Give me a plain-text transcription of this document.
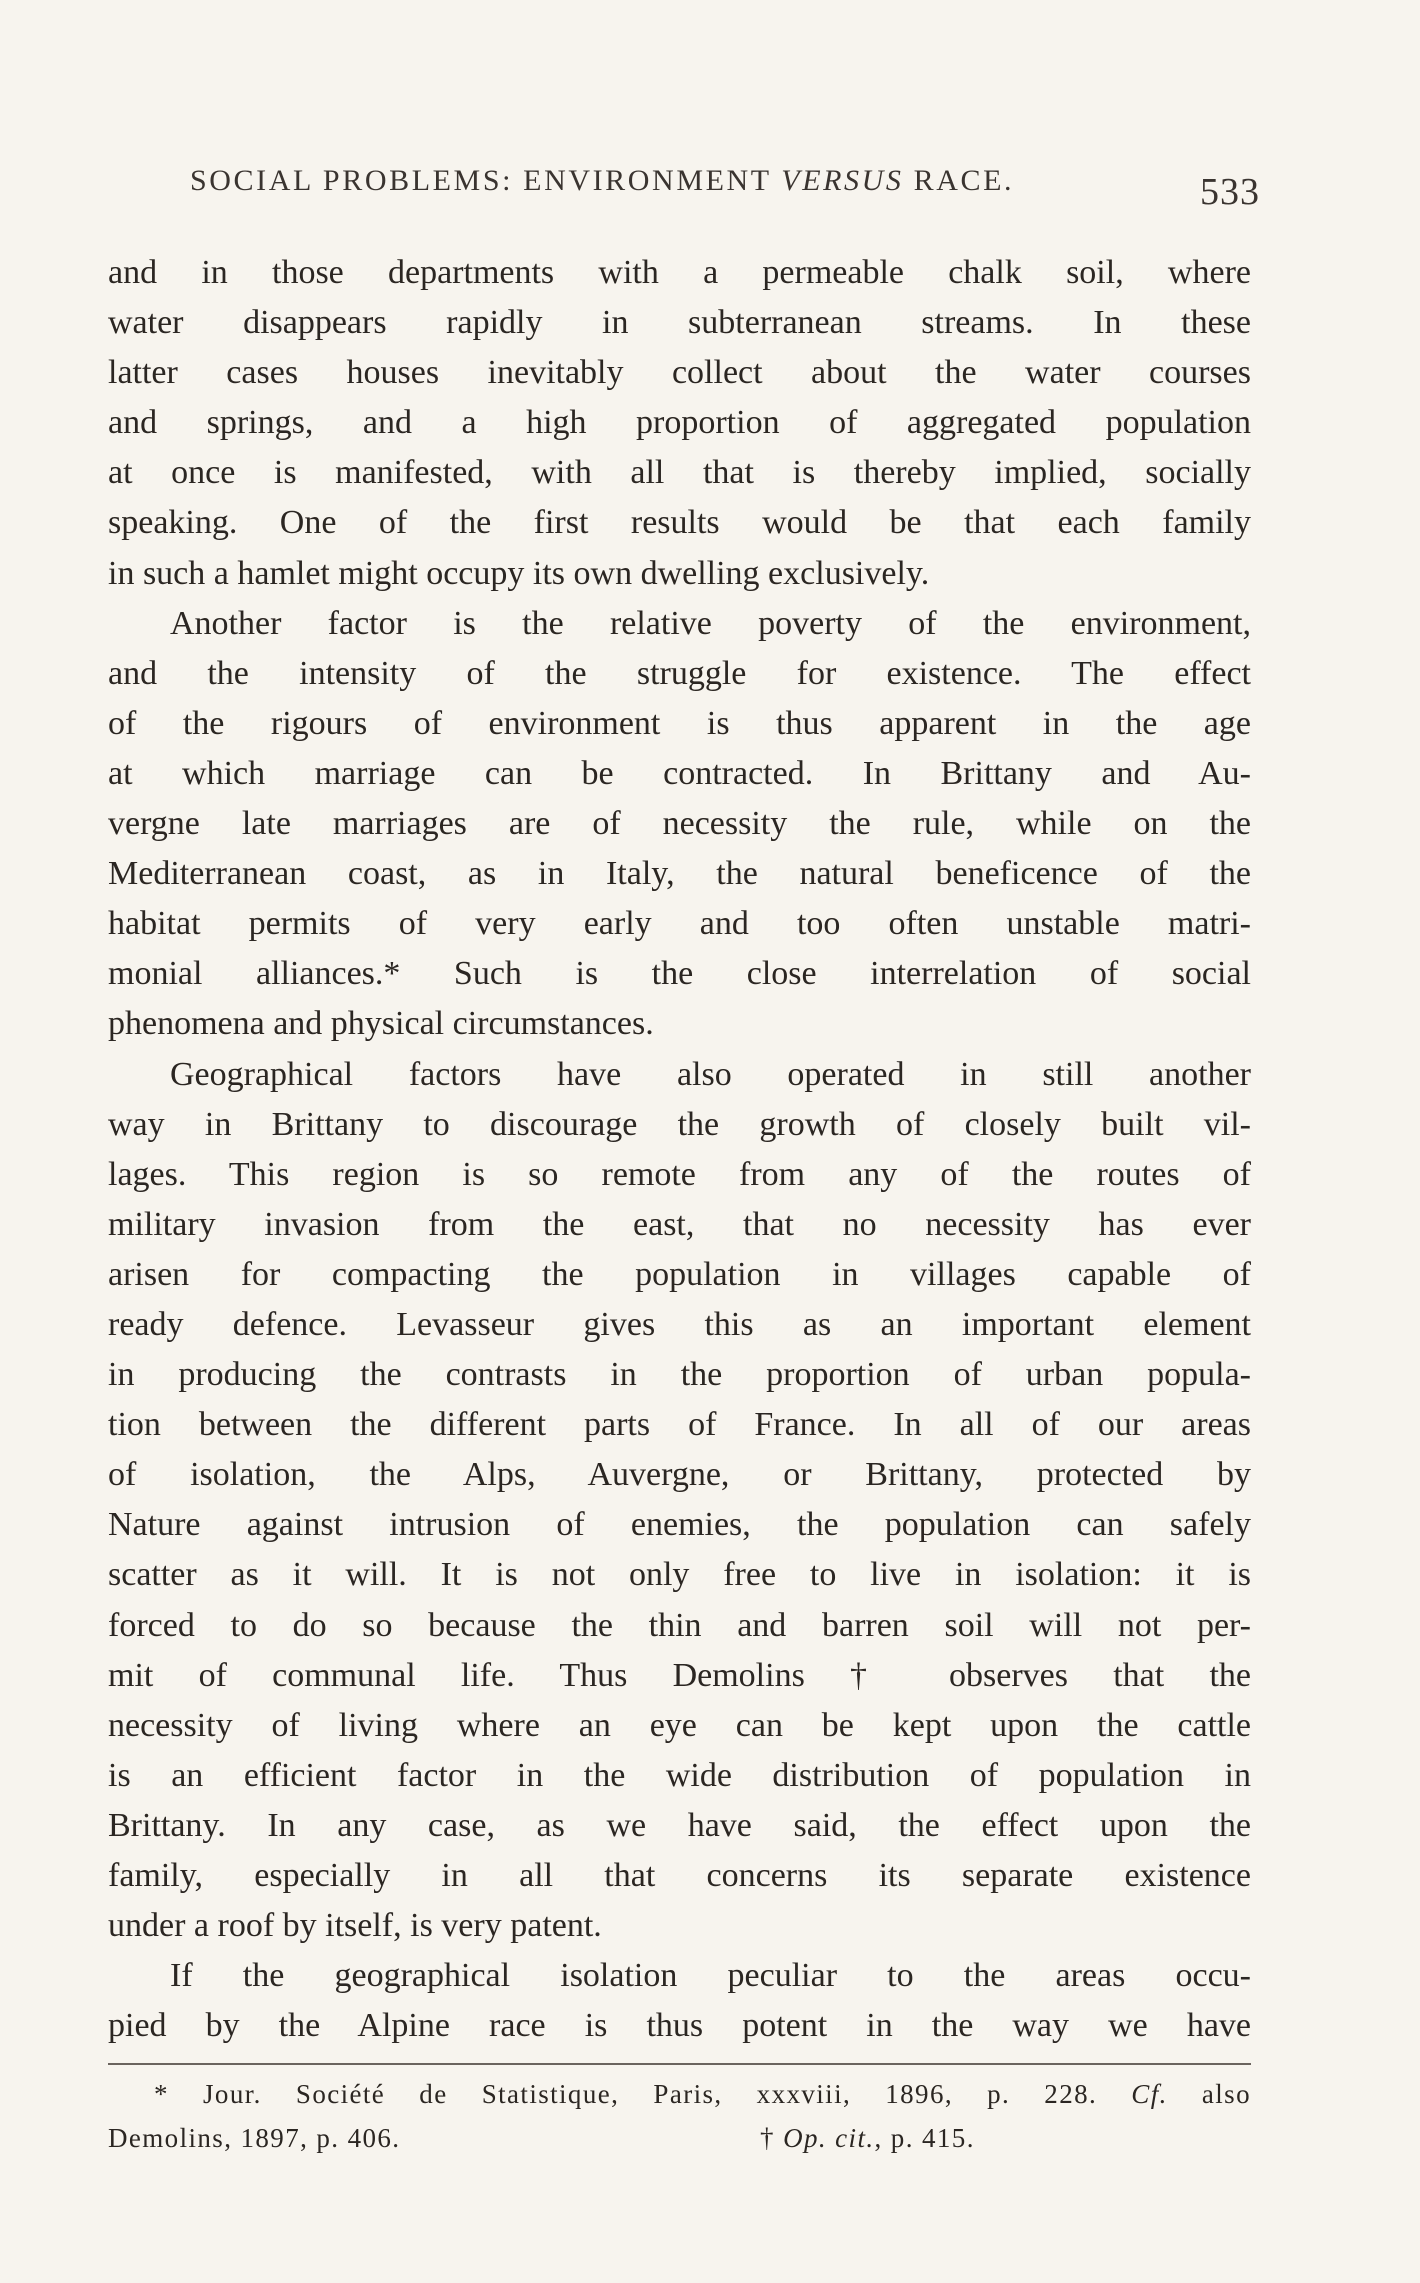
SOCIAL PROBLEMS: ENVIRONMENT VERSUS RACE.	533
and in those departments with a permeable chalk soil, where
water disappears rapidly in subterranean streams. In these
latter cases houses inevitably collect about the water courses
and springs, and a high proportion of aggregated population
at once is manifested, with all that is thereby implied, socially
speaking. One of the first results would be that each family
in such a hamlet might occupy its own dwelling exclusively.
Another factor is the relative poverty of the environment,
and the intensity of the struggle for existence. The effect
of the rigours of environment is thus apparent in the age
at which marriage can be contracted. In Brittany and Au-
vergne late marriages are of necessity the rule, while on the
Mediterranean coast, as in Italy, the natural beneficence of the
habitat permits of very early and too often unstable matri-
monial alliances.* Such is the close interrelation of social
phenomena and physical circumstances.
Geographical factors have also operated in still another
way in Brittany to discourage the growth of closely built vil-
lages. This region is so remote from any of the routes of
military invasion from the east, that no necessity has ever
arisen for compacting the population in villages capable of
ready defence. Levasseur gives this as an important element
in producing the contrasts in the proportion of urban popula-
tion between the different parts of France. In all of our areas
of isolation, the Alps, Auvergne, or Brittany, protected by
Nature against intrusion of enemies, the population can safely
scatter as it will. It is not only free to live in isolation: it is
forced to do so because the thin and barren soil will not per-
mit of communal life. Thus Demolins † observes that the
necessity of living where an eye can be kept upon the cattle
is an efficient factor in the wide distribution of population in
Brittany. In any case, as we have said, the effect upon the
family, especially in all that concerns its separate existence
under a roof by itself, is very patent.
If the geographical isolation peculiar to the areas occu-
pied by the Alpine race is thus potent in the way we have
* Jour. Société de Statistique, Paris, xxxviii, 1896, p. 228. Cf. also
Demolins, 1897, p. 406.	† Op. cit., p. 415.
